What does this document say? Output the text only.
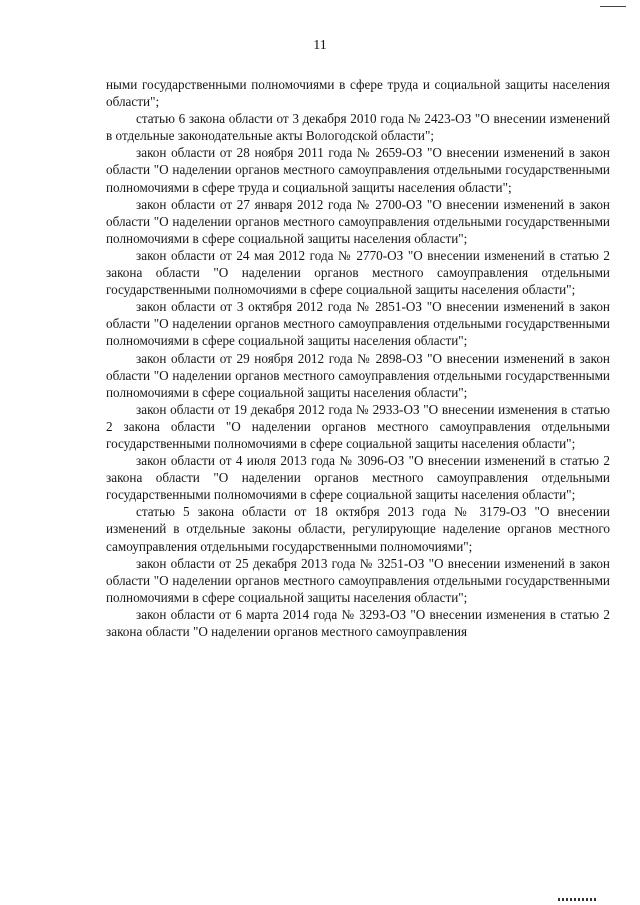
11

ными государственными полномочиями в сфере труда и социальной защиты населения области";

статью 6 закона области от 3 декабря 2010 года № 2423-ОЗ "О внесении изменений в отдельные законодательные акты Вологодской области";

закон области от 28 ноября 2011 года № 2659-ОЗ "О внесении изменений в закон области "О наделении органов местного самоуправления отдельными государственными полномочиями в сфере труда и социальной защиты населения области";

закон области от 27 января 2012 года № 2700-ОЗ "О внесении изменений в закон области "О наделении органов местного самоуправления отдельными государственными полномочиями в сфере социальной защиты населения области";

закон области от 24 мая 2012 года № 2770-ОЗ "О внесении изменений в статью 2 закона области "О наделении органов местного самоуправления отдельными государственными полномочиями в сфере социальной защиты населения области";

закон области от 3 октября 2012 года № 2851-ОЗ "О внесении изменений в закон области "О наделении органов местного самоуправления отдельными государственными полномочиями в сфере социальной защиты населения области";

закон области от 29 ноября 2012 года № 2898-ОЗ "О внесении изменений в закон области "О наделении органов местного самоуправления отдельными государственными полномочиями в сфере социальной защиты населения области";

закон области от 19 декабря 2012 года № 2933-ОЗ "О внесении изменения в статью 2 закона области "О наделении органов местного самоуправления отдельными государственными полномочиями в сфере социальной защиты населения области";

закон области от 4 июля 2013 года № 3096-ОЗ "О внесении изменений в статью 2 закона области "О наделении органов местного самоуправления отдельными государственными полномочиями в сфере социальной защиты населения области";

статью 5 закона области от 18 октября 2013 года № 3179-ОЗ "О внесении изменений в отдельные законы области, регулирующие наделение органов местного самоуправления отдельными государственными полномочиями";

закон области от 25 декабря 2013 года № 3251-ОЗ "О внесении изменений в закон области "О наделении органов местного самоуправления отдельными государственными полномочиями в сфере социальной защиты населения области";

закон области от 6 марта 2014 года № 3293-ОЗ "О внесении изменения в статью 2 закона области "О наделении органов местного самоуправления
